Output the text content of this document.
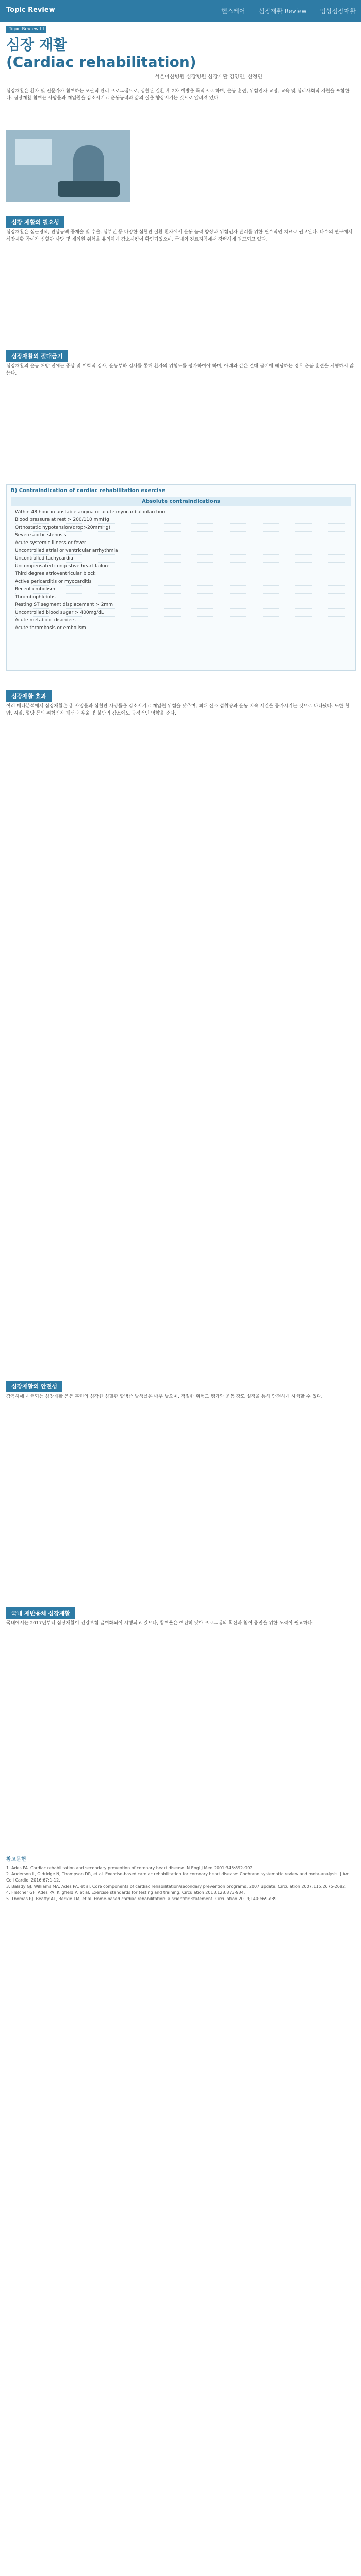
Topic Review	헬스케어 심장재활 Review 임상심장재활
Topic Review III
심장 재활
(Cardiac rehabilitation)
서울아산병원 심장병원 심장재활 김영민, 한정민
심장재활은 환자 및 전문가가 참여하는 포괄적 관리 프로그램으로, 심혈관 질환 후 2차 예방을 목적으로 하며, 운동 훈련, 위험인자 교정, 교육 및 심리사회적 지원을 포함한다. 심장재활 참여는 사망률과 재입원을 감소시키고 운동능력과 삶의 질을 향상시키는 것으로 알려져 있다.
심장 재활의 필요성
심장재활은 심근경색, 관상동맥 중재술 및 수술, 심부전 등 다양한 심혈관 질환 환자에서 운동 능력 향상과 위험인자 관리를 위한 필수적인 치료로 권고된다. 다수의 연구에서 심장재활 참여가 심혈관 사망 및 재입원 위험을 유의하게 감소시킴이 확인되었으며, 국내외 진료지침에서 강력하게 권고되고 있다.
심장재활의 절대금기
심장재활의 운동 처방 전에는 증상 및 이학적 검사, 운동부하 검사를 통해 환자의 위험도를 평가하여야 하며, 아래와 같은 절대 금기에 해당하는 경우 운동 훈련을 시행하지 않는다.
B) Contraindication of cardiac rehabilitation exercise
Absolute contraindications
Within 48 hour in unstable angina or acute myocardial infarction
Blood pressure at rest > 200/110 mmHg
Orthostatic hypotension(drop>20mmHg)
Severe aortic stenosis
Acute systemic illness or fever
Uncontrolled atrial or ventricular arrhythmia
Uncontrolled tachycardia
Uncompensated congestive heart failure
Third degree atrioventricular block
Active pericarditis or myocarditis
Recent embolism
Thrombophlebitis
Resting ST segment displacement > 2mm
Uncontrolled blood sugar > 400mg/dL
Acute metabolic disorders
Acute thrombosis or embolism
심장재활 효과
여러 메타분석에서 심장재활은 총 사망률과 심혈관 사망률을 감소시키고 재입원 위험을 낮추며, 최대 산소 섭취량과 운동 지속 시간을 증가시키는 것으로 나타났다. 또한 혈압, 지질, 혈당 등의 위험인자 개선과 우울 및 불안의 감소에도 긍정적인 영향을 준다.
심장재활의 안전성
감독하에 시행되는 심장재활 운동 훈련의 심각한 심혈관 합병증 발생률은 매우 낮으며, 적절한 위험도 평가와 운동 강도 설정을 통해 안전하게 시행할 수 있다.
국내 재반응체 심장재활
국내에서는 2017년부터 심장재활이 건강보험 급여화되어 시행되고 있으나, 참여율은 여전히 낮아 프로그램의 확산과 참여 증진을 위한 노력이 필요하다.
참고문헌
1. Ades PA. Cardiac rehabilitation and secondary prevention of coronary heart disease. N Engl J Med 2001;345:892-902.
2. Anderson L, Oldridge N, Thompson DR, et al. Exercise-based cardiac rehabilitation for coronary heart disease: Cochrane systematic review and meta-analysis. J Am Coll Cardiol 2016;67:1-12.
3. Balady GJ, Williams MA, Ades PA, et al. Core components of cardiac rehabilitation/secondary prevention programs: 2007 update. Circulation 2007;115:2675-2682.
4. Fletcher GF, Ades PA, Kligfield P, et al. Exercise standards for testing and training. Circulation 2013;128:873-934.
5. Thomas RJ, Beatty AL, Beckie TM, et al. Home-based cardiac rehabilitation: a scientific statement. Circulation 2019;140:e69-e89.
